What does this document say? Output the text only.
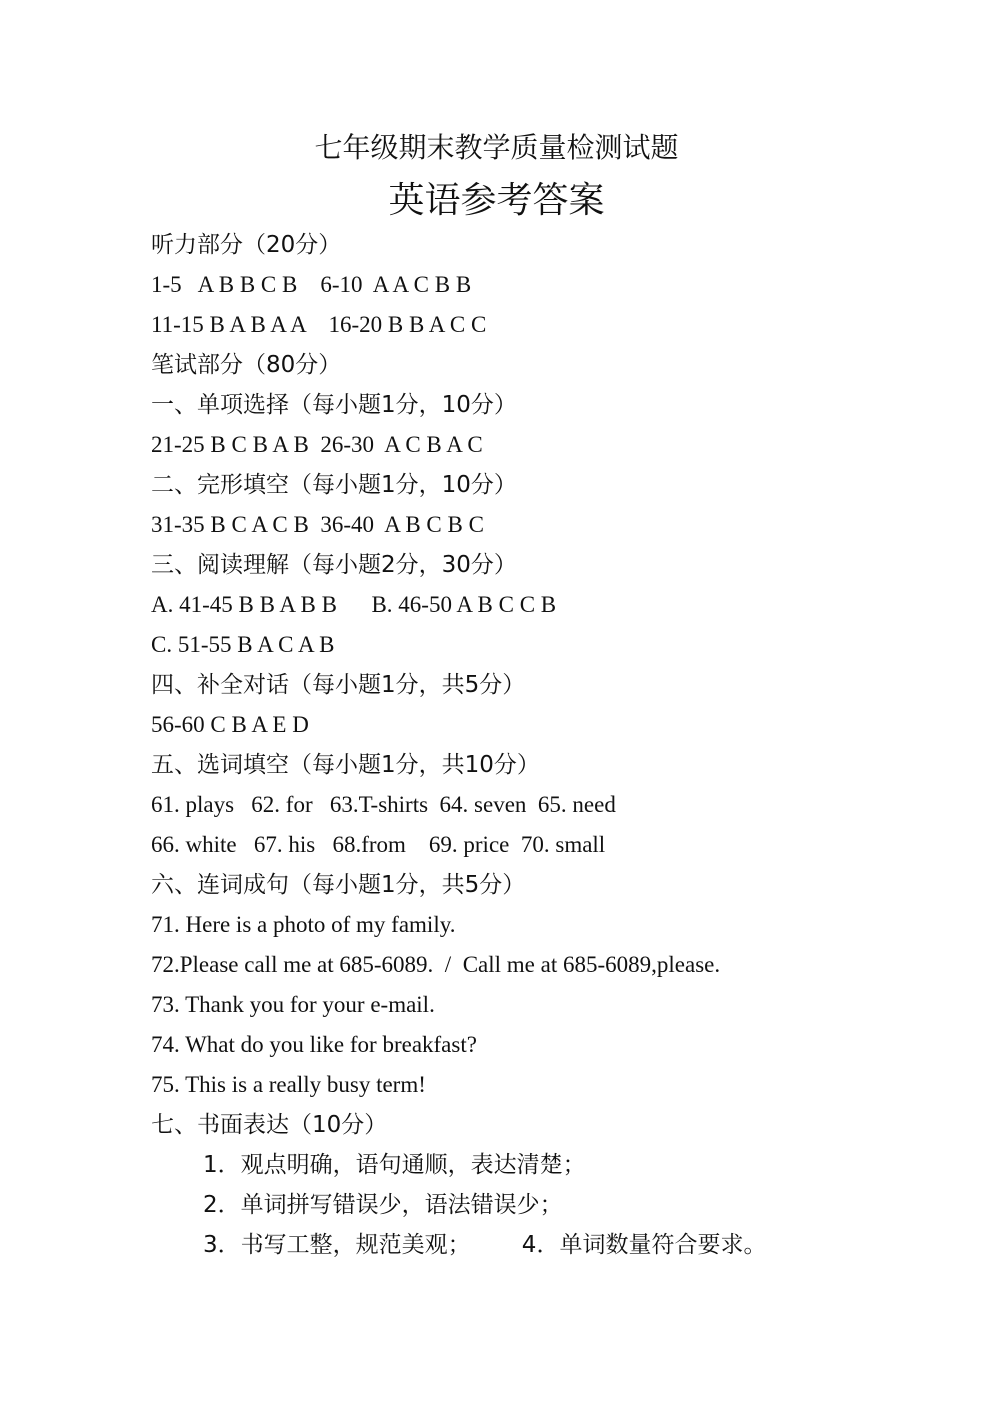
七年级期末教学质量检测试题
英语参考答案
听力部分（20分）
1-5   A B B C B    6-10  A A C B B
11-15 B A B A A    16-20 B B A C C
笔试部分（80分）
一、单项选择（每小题1分，10分）
21-25 B C B A B  26-30  A C B A C
二、完形填空（每小题1分，10分）
31-35 B C A C B  36-40  A B C B C
三、阅读理解（每小题2分，30分）
A. 41-45 B B A B B      B. 46-50 A B C C B
C. 51-55 B A C A B
四、补全对话（每小题1分，共5分）
56-60 C B A E D
五、选词填空（每小题1分，共10分）
61. plays   62. for   63.T-shirts  64. seven  65. need
66. white   67. his   68.from    69. price  70. small
六、连词成句（每小题1分，共5分）
71. Here is a photo of my family.
72.Please call me at 685-6089.  /  Call me at 685-6089,please.
73. Thank you for your e-mail.
74. What do you like for breakfast?
75. This is a really busy term!
七、书面表达（10分）
1．观点明确，语句通顺，表达清楚；
2．单词拼写错误少，语法错误少；
3．书写工整，规范美观；       4．单词数量符合要求。
